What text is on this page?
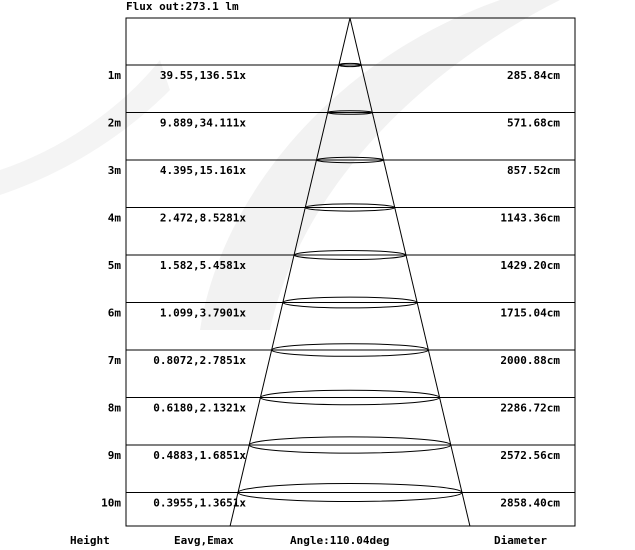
Flux out:273.1 lm
1m	39.55,136.51x	285.84cm
2m	9.889,34.111x	571.68cm
3m	4.395,15.161x	857.52cm
4m	2.472,8.5281x	1143.36cm
5m	1.582,5.4581x	1429.20cm
6m	1.099,3.7901x	1715.04cm
7m	0.8072,2.7851x	2000.88cm
8m	0.6180,2.1321x	2286.72cm
9m	0.4883,1.6851x	2572.56cm
10m	0.3955,1.3651x	2858.40cm
Height	Eavg,Emax	Angle:110.04deg	Diameter
